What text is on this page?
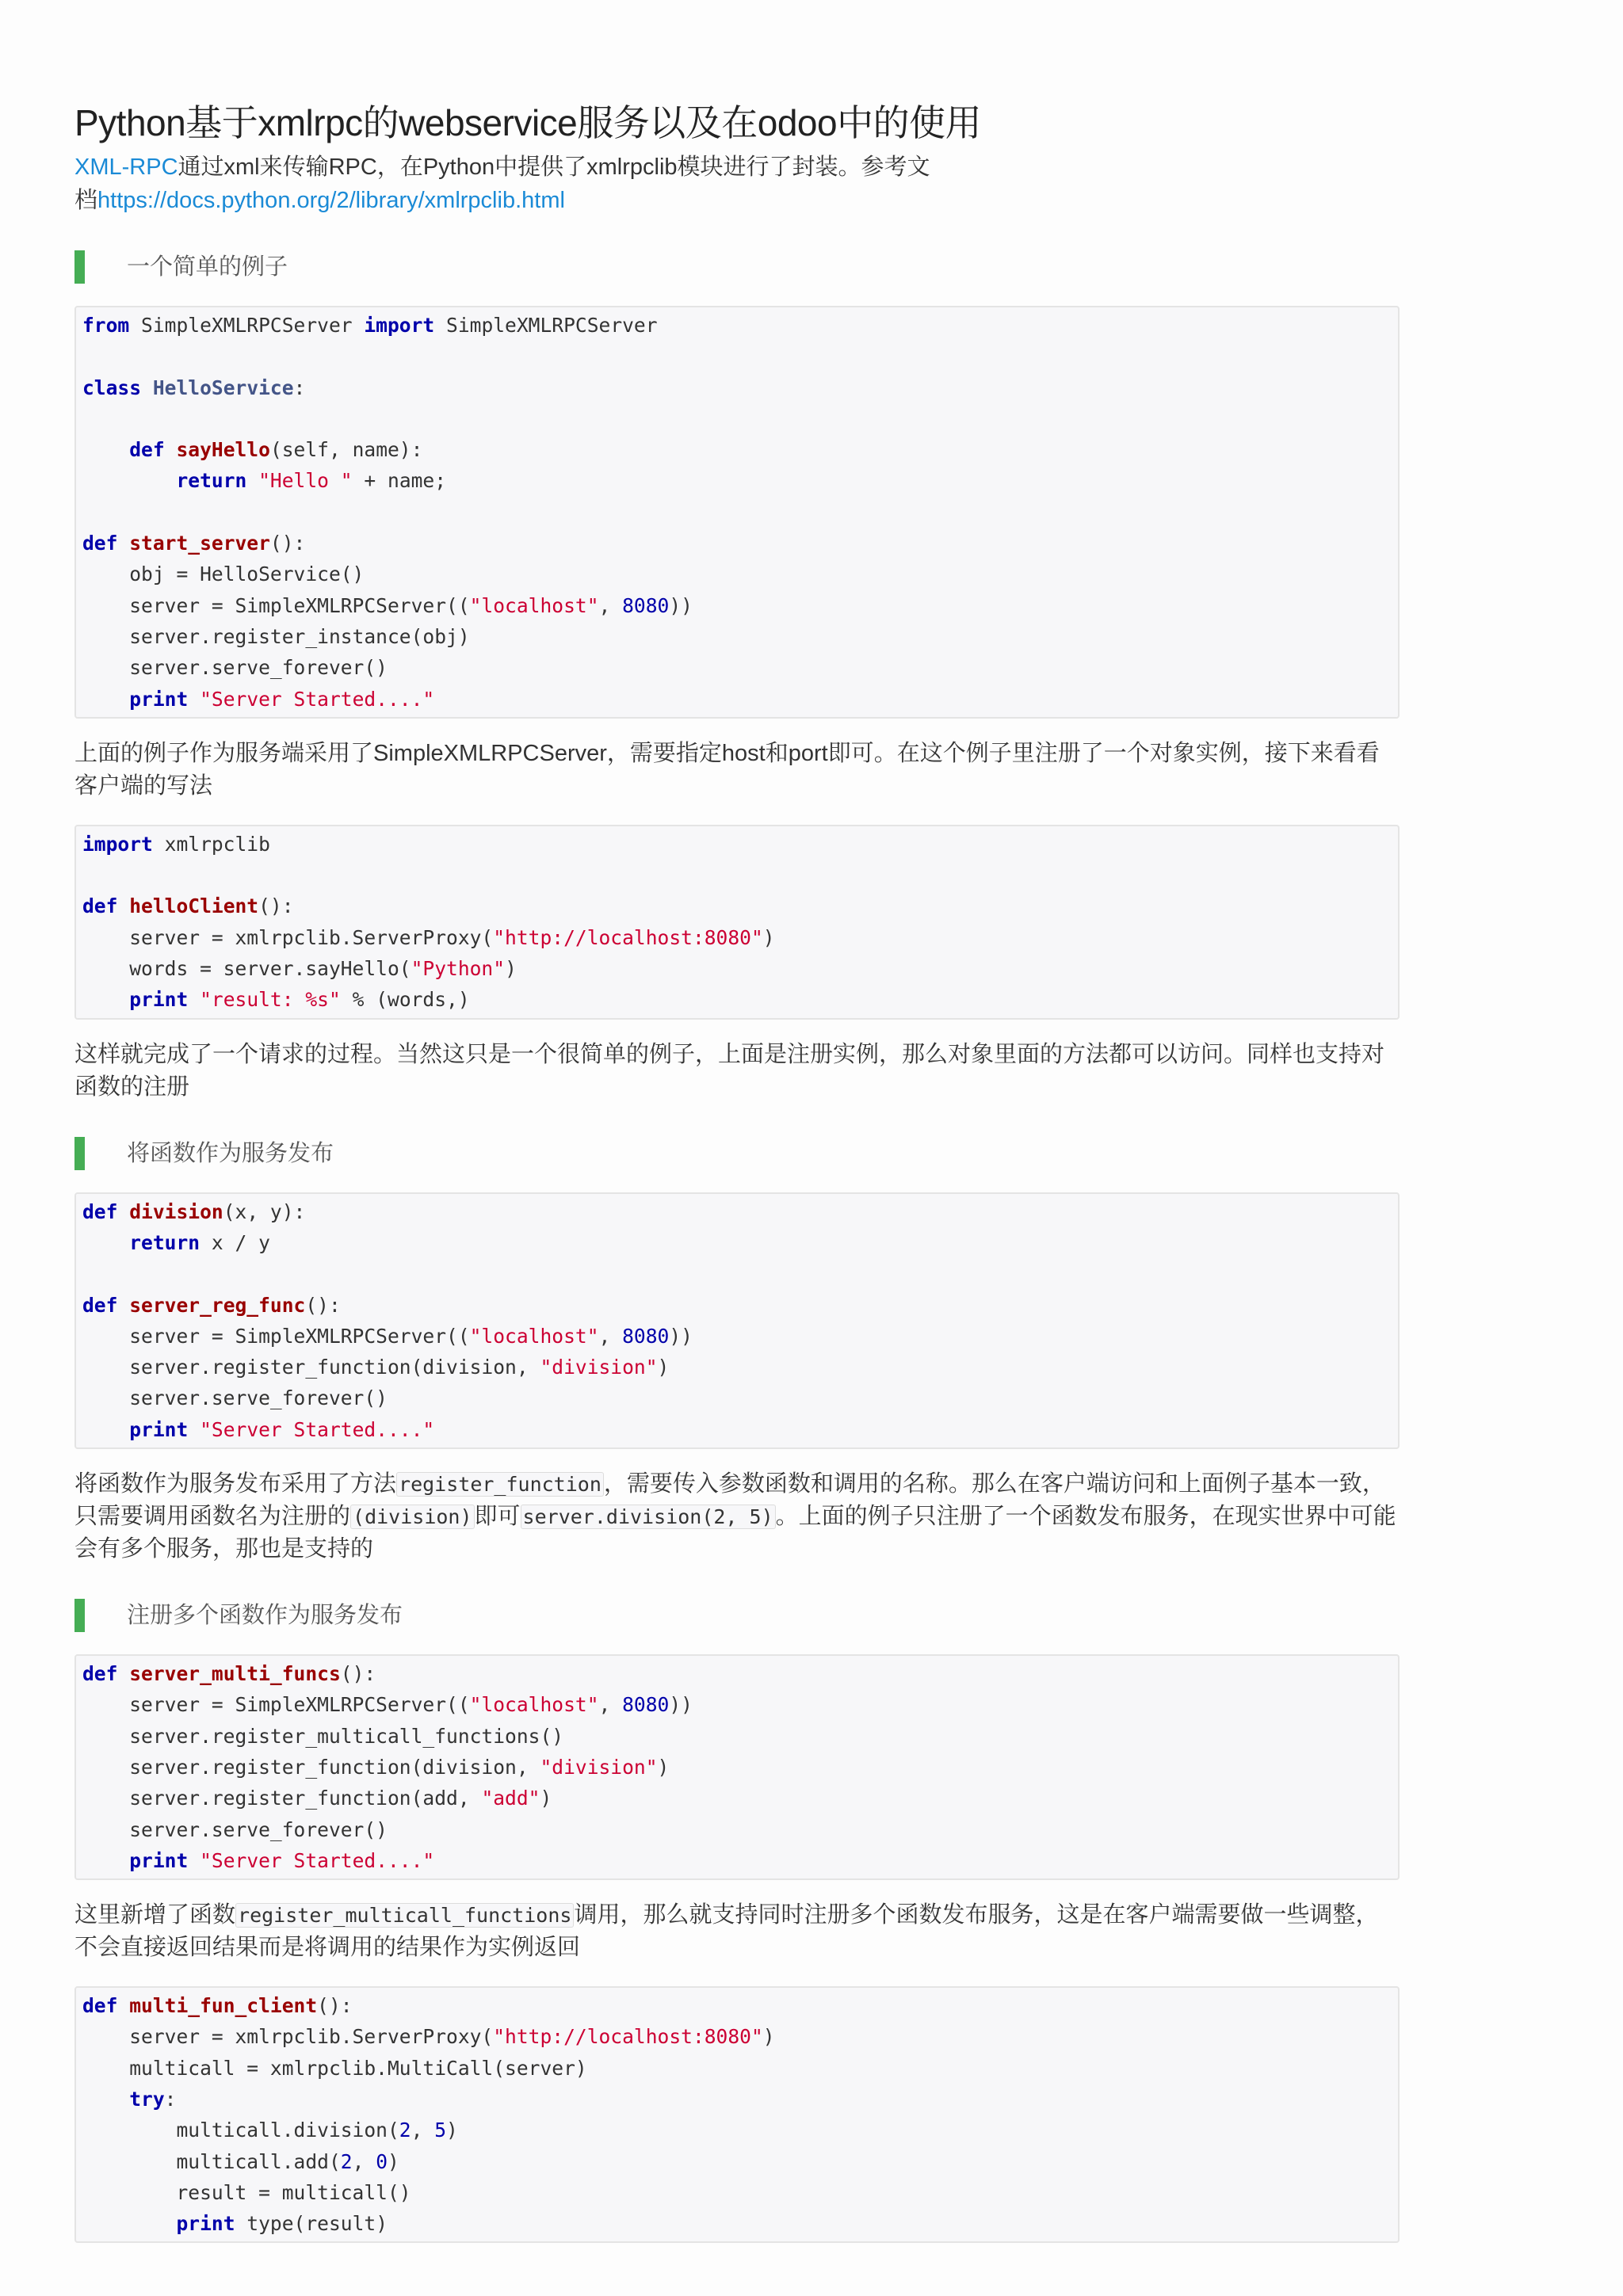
Python基于xmlrpc的webservice服务以及在odoo中的使用
XML-RPC通过xml来传输RPC，在Python中提供了xmlrpclib模块进行了封装。参考文
档https://docs.python.org/2/library/xmlrpclib.html
一个简单的例子
from SimpleXMLRPCServer import SimpleXMLRPCServer

class HelloService:

def sayHello(self, name):
return "Hello " + name;

def start_server():
obj = HelloService()
server = SimpleXMLRPCServer(("localhost", 8080))
server.register_instance(obj)
server.serve_forever()
print "Server Started...."
上面的例子作为服务端采用了SimpleXMLRPCServer，需要指定host和port即可。在这个例子里注册了一个对象实例，接下来看看客户端的写法
import xmlrpclib

def helloClient():
server = xmlrpclib.ServerProxy("http://localhost:8080")
words = server.sayHello("Python")
print "result: %s" % (words,)
这样就完成了一个请求的过程。当然这只是一个很简单的例子，上面是注册实例，那么对象里面的方法都可以访问。同样也支持对函数的注册
将函数作为服务发布
def division(x, y):
return x / y

def server_reg_func():
server = SimpleXMLRPCServer(("localhost", 8080))
server.register_function(division, "division")
server.serve_forever()
print "Server Started...."
将函数作为服务发布采用了方法 register_function ，需要传入参数函数和调用的名称。那么在客户端访问和上面例子基本一致，只需要调用函数名为注册的 (division) 即可 server.division(2, 5) 。上面的例子只注册了一个函数发布服务，在现实世界中可能会有多个服务，那也是支持的
注册多个函数作为服务发布
def server_multi_funcs():
server = SimpleXMLRPCServer(("localhost", 8080))
server.register_multicall_functions()
server.register_function(division, "division")
server.register_function(add, "add")
server.serve_forever()
print "Server Started...."
这里新增了函数 register_multicall_functions 调用，那么就支持同时注册多个函数发布服务，这是在客户端需要做一些调整，不会直接返回结果而是将调用的结果作为实例返回
def multi_fun_client():
server = xmlrpclib.ServerProxy("http://localhost:8080")
multicall = xmlrpclib.MultiCall(server)
try:
multicall.division(2, 5)
multicall.add(2, 0)
result = multicall()
print type(result)
